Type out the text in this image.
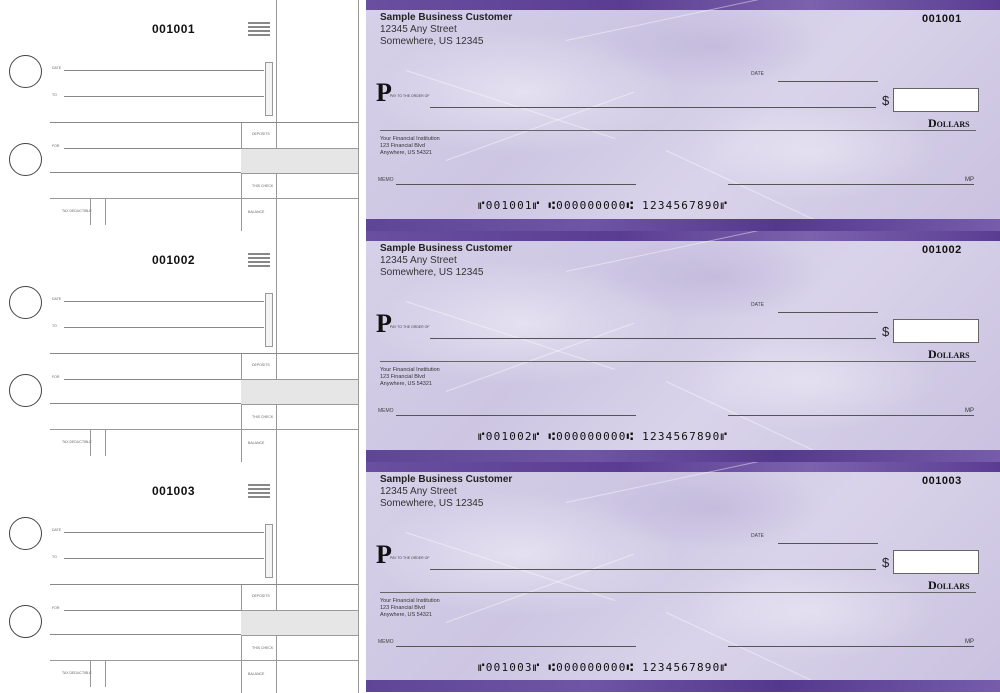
001001
DATE
TO
DEPOSITS
FOR
THIS CHECK
TAX DEDUCTIBLE	BALANCE
Sample Business Customer
12345 Any Street
Somewhere, US 12345
001001
DATE
P
PAY TO THE ORDER OF	$
Dollars
Your Financial Institution
123 Financial Blvd
Anywhere, US 54321
MEMO	MP
⑈001001⑈ ⑆000000000⑆ 1234567890⑈
001002
DATE
TO
DEPOSITS
FOR
THIS CHECK
TAX DEDUCTIBLE	BALANCE
Sample Business Customer
12345 Any Street
Somewhere, US 12345
001002
DATE
P
PAY TO THE ORDER OF	$
Dollars
Your Financial Institution
123 Financial Blvd
Anywhere, US 54321
MEMO	MP
⑈001002⑈ ⑆000000000⑆ 1234567890⑈
001003
DATE
TO
DEPOSITS
FOR
THIS CHECK
TAX DEDUCTIBLE	BALANCE
Sample Business Customer
12345 Any Street
Somewhere, US 12345
001003
DATE
P
PAY TO THE ORDER OF	$
Dollars
Your Financial Institution
123 Financial Blvd
Anywhere, US 54321
MEMO	MP
⑈001003⑈ ⑆000000000⑆ 1234567890⑈
